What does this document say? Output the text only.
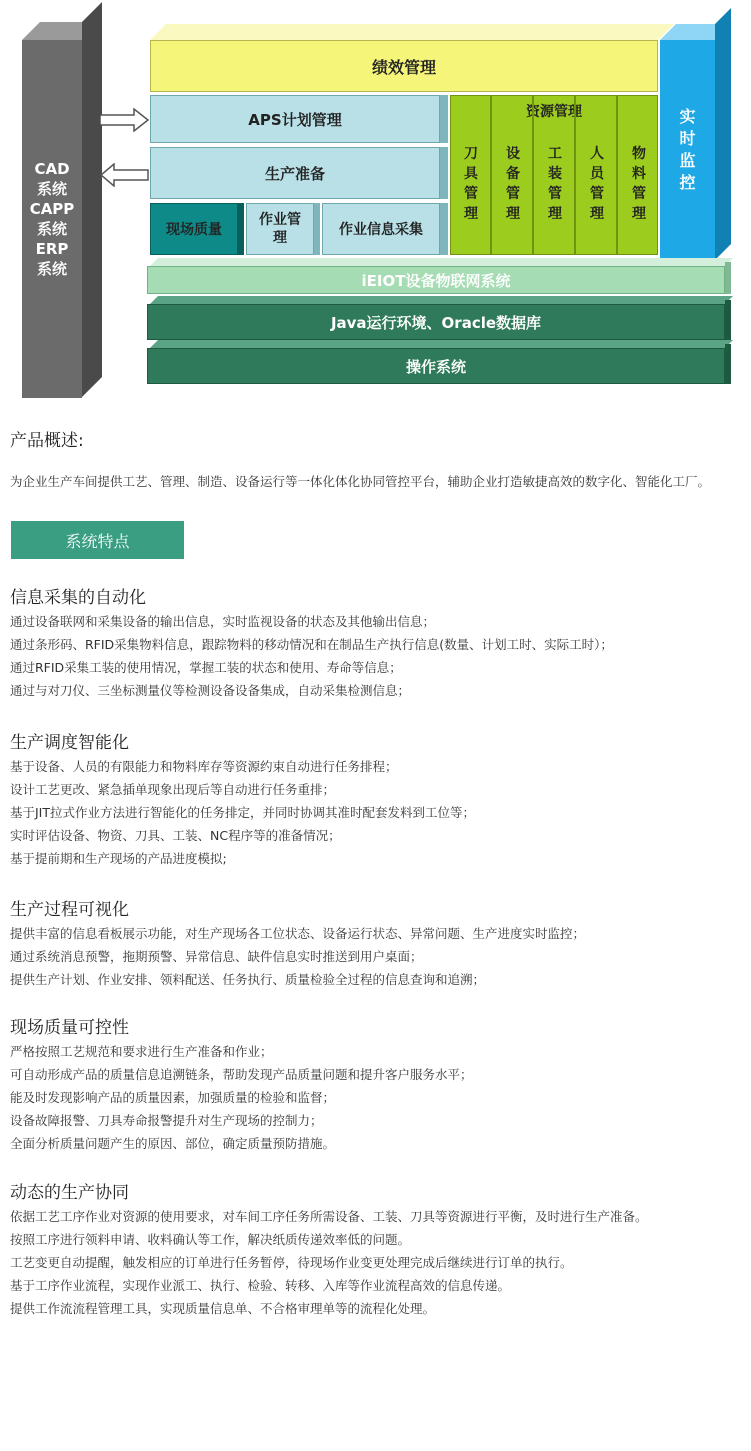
CAD
系统
CAPP
系统
ERP
系统
绩效管理
实
时
监
控
APS计划管理
生产准备
现场质量
作业管
理	作业信息采集
资源管理
刀
具
管
理
设
备
管
理
工
装
管
理
人
员
管
理
物
料
管
理
iEIOT设备物联网系统
Java运行环境、Oracle数据库
操作系统
产品概述:
为企业生产车间提供工艺、管理、制造、设备运行等一体化体化协同管控平台，辅助企业打造敏捷高效的数字化、智能化工厂。
系统特点
信息采集的自动化
通过设备联网和采集设备的输出信息，实时监视设备的状态及其他输出信息；
通过条形码、RFID采集物料信息，跟踪物料的移动情况和在制品生产执行信息(数量、计划工时、实际工时）；
通过RFID采集工装的使用情况，掌握工装的状态和使用、寿命等信息；
通过与对刀仪、三坐标测量仪等检测设备设备集成，自动采集检测信息；
生产调度智能化
基于设备、人员的有限能力和物料库存等资源约束自动进行任务排程；
设计工艺更改、紧急插单现象出现后等自动进行任务重排；
基于JIT拉式作业方法进行智能化的任务排定，并同时协调其准时配套发料到工位等；
实时评估设备、物资、刀具、工装、NC程序等的准备情况；
基于提前期和生产现场的产品进度模拟;
生产过程可视化
提供丰富的信息看板展示功能，对生产现场各工位状态、设备运行状态、异常问题、生产进度实时监控；
通过系统消息预警，拖期预警、异常信息、缺件信息实时推送到用户桌面；
提供生产计划、作业安排、领料配送、任务执行、质量检验全过程的信息查询和追溯；
现场质量可控性
严格按照工艺规范和要求进行生产准备和作业；
可自动形成产品的质量信息追溯链条，帮助发现产品质量问题和提升客户服务水平；
能及时发现影响产品的质量因素，加强质量的检验和监督；
设备故障报警、刀具寿命报警提升对生产现场的控制力；
全面分析质量问题产生的原因、部位，确定质量预防措施。
动态的生产协同
依据工艺工序作业对资源的使用要求，对车间工序任务所需设备、工装、刀具等资源进行平衡，及时进行生产准备。
按照工序进行领料申请、收料确认等工作，解决纸质传递效率低的问题。
工艺变更自动提醒，触发相应的订单进行任务暂停，待现场作业变更处理完成后继续进行订单的执行。
基于工序作业流程，实现作业派工、执行、检验、转移、入库等作业流程高效的信息传递。
提供工作流流程管理工具，实现质量信息单、不合格审理单等的流程化处理。
